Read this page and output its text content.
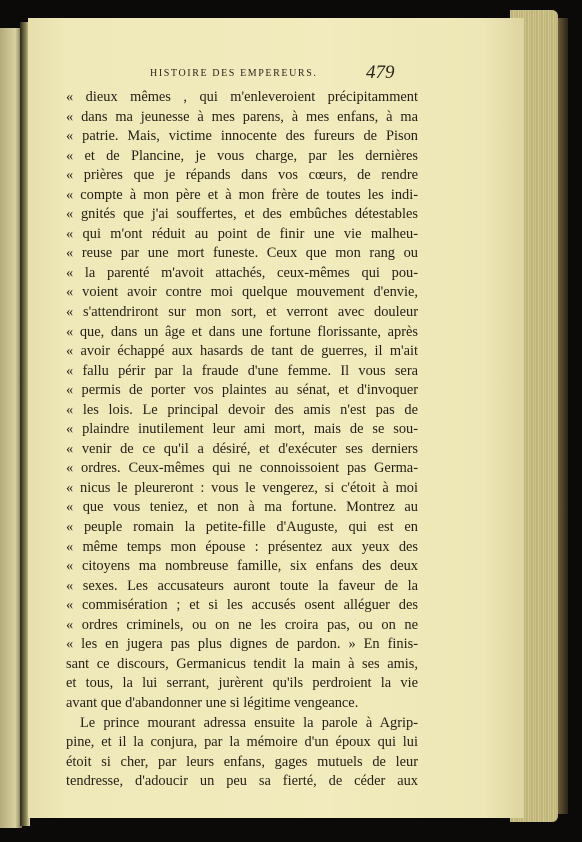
HISTOIRE DES EMPEREURS.	479
« dieux mêmes , qui m'enleveroient précipitamment
« dans ma jeunesse à mes parens, à mes enfans, à ma
« patrie. Mais, victime innocente des fureurs de Pison
« et de Plancine, je vous charge, par les dernières
« prières que je répands dans vos cœurs, de rendre
« compte à mon père et à mon frère de toutes les indi-
« gnités que j'ai souffertes, et des embûches détestables
« qui m'ont réduit au point de finir une vie malheu-
« reuse par une mort funeste. Ceux que mon rang ou
« la parenté m'avoit attachés, ceux-mêmes qui pou-
« voient avoir contre moi quelque mouvement d'envie,
« s'attendriront sur mon sort, et verront avec douleur
« que, dans un âge et dans une fortune florissante, après
« avoir échappé aux hasards de tant de guerres, il m'ait
« fallu périr par la fraude d'une femme. Il vous sera
« permis de porter vos plaintes au sénat, et d'invoquer
« les lois. Le principal devoir des amis n'est pas de
« plaindre inutilement leur ami mort, mais de se sou-
« venir de ce qu'il a désiré, et d'exécuter ses derniers
« ordres. Ceux-mêmes qui ne connoissoient pas Germa-
« nicus le pleureront : vous le vengerez, si c'étoit à moi
« que vous teniez, et non à ma fortune. Montrez au
« peuple romain la petite-fille d'Auguste, qui est en
« même temps mon épouse : présentez aux yeux des
« citoyens ma nombreuse famille, six enfans des deux
« sexes. Les accusateurs auront toute la faveur de la
« commisération ; et si les accusés osent alléguer des
« ordres criminels, ou on ne les croira pas, ou on ne
« les en jugera pas plus dignes de pardon. » En finis-
sant ce discours, Germanicus tendit la main à ses amis,
et tous, la lui serrant, jurèrent qu'ils perdroient la vie
avant que d'abandonner une si légitime vengeance.
Le prince mourant adressa ensuite la parole à Agrip-
pine, et il la conjura, par la mémoire d'un époux qui lui
étoit si cher, par leurs enfans, gages mutuels de leur
tendresse, d'adoucir un peu sa fierté, de céder aux
